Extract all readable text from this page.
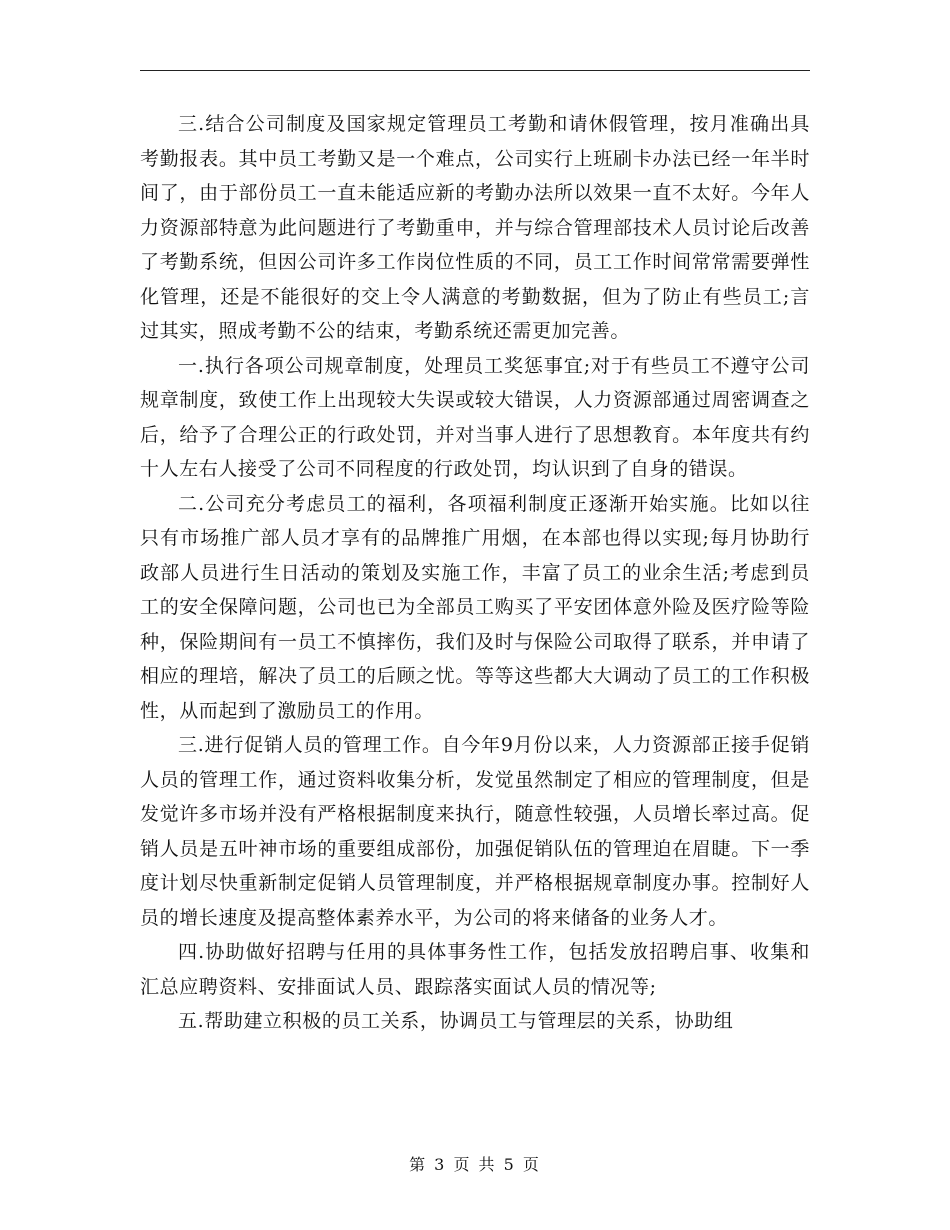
三.结合公司制度及国家规定管理员工考勤和请休假管理，按月准确出具考勤报表。其中员工考勤又是一个难点，公司实行上班刷卡办法已经一年半时间了，由于部份员工一直未能适应新的考勤办法所以效果一直不太好。今年人力资源部特意为此问题进行了考勤重申，并与综合管理部技术人员讨论后改善了考勤系统，但因公司许多工作岗位性质的不同，员工工作时间常常需要弹性化管理，还是不能很好的交上令人满意的考勤数据，但为了防止有些员工;言过其实，照成考勤不公的结束，考勤系统还需更加完善。

一.执行各项公司规章制度，处理员工奖惩事宜;对于有些员工不遵守公司规章制度，致使工作上出现较大失误或较大错误，人力资源部通过周密调查之后，给予了合理公正的行政处罚，并对当事人进行了思想教育。本年度共有约十人左右人接受了公司不同程度的行政处罚，均认识到了自身的错误。

二.公司充分考虑员工的福利，各项福利制度正逐渐开始实施。比如以往只有市场推广部人员才享有的品牌推广用烟，在本部也得以实现;每月协助行政部人员进行生日活动的策划及实施工作，丰富了员工的业余生活;考虑到员工的安全保障问题，公司也已为全部员工购买了平安团体意外险及医疗险等险种，保险期间有一员工不慎摔伤，我们及时与保险公司取得了联系，并申请了相应的理培，解决了员工的后顾之忧。等等这些都大大调动了员工的工作积极性，从而起到了激励员工的作用。

三.进行促销人员的管理工作。自今年9月份以来，人力资源部正接手促销人员的管理工作，通过资料收集分析，发觉虽然制定了相应的管理制度，但是发觉许多市场并没有严格根据制度来执行，随意性较强，人员增长率过高。促销人员是五叶神市场的重要组成部份，加强促销队伍的管理迫在眉睫。下一季度计划尽快重新制定促销人员管理制度，并严格根据规章制度办事。控制好人员的增长速度及提高整体素养水平，为公司的将来储备的业务人才。

四.协助做好招聘与任用的具体事务性工作，包括发放招聘启事、收集和汇总应聘资料、安排面试人员、跟踪落实面试人员的情况等;

五.帮助建立积极的员工关系，协调员工与管理层的关系，协助组

第 3 页 共 5 页
